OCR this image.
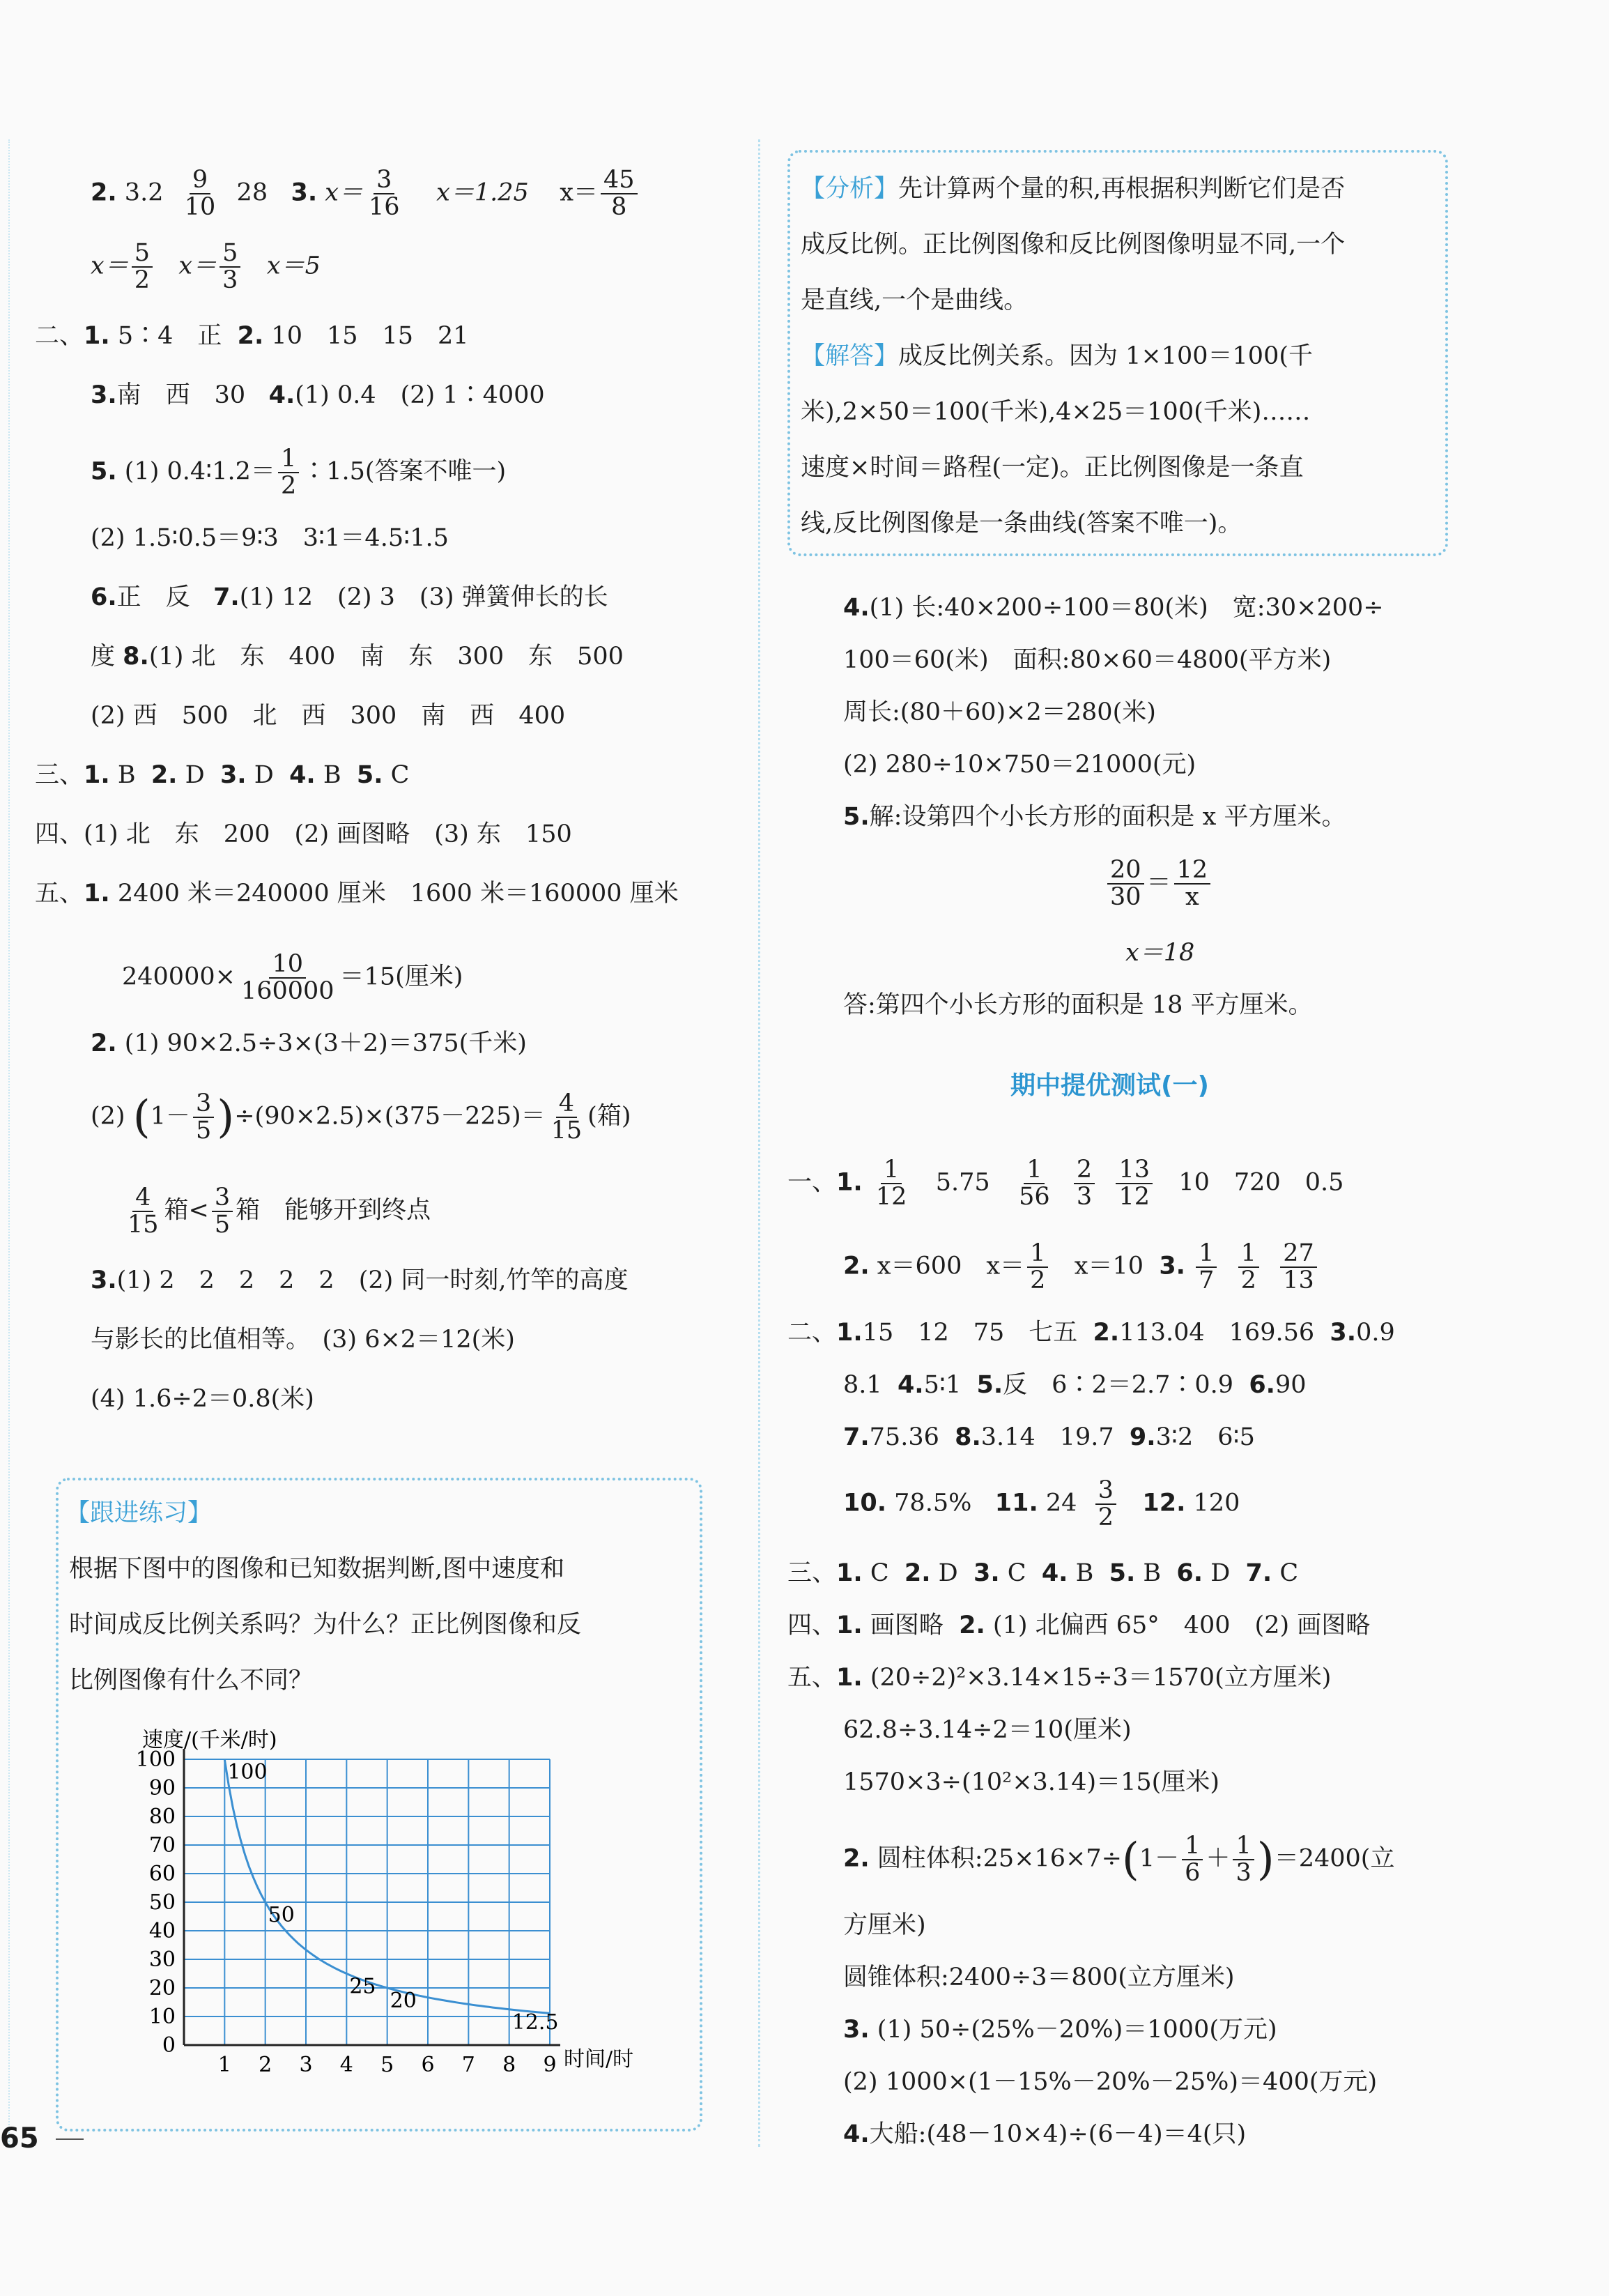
2. $3.2 \frac{9}{10} 28$ 3. $x= \frac{3}{16} x=1.25$ $x= \frac{45}{8}$
$x= \frac{5}{2} x= \frac{5}{3} x=5$
二、1. 5∶4　正 2. 10　15　15　21
3.南　西　30 4.(1) 0.4　(2) 1∶4000
5. (1) 0.4∶1.2＝ $\frac{1}{2}$ ∶1.5(答案不唯一)
(2) 1.5∶0.5＝9∶3　3∶1＝4.5∶1.5
6.正　反 7.(1) 12　(2) 3　(3) 弹簧伸长的长
度 8.(1) 北　东　400　南　东　300　东　500
(2) 西　500　北　西　300　南　西　400
三、1. B 2. D 3. D 4. B 5. C
四、(1) 北　东　200　(2) 画图略　(3) 东　150
五、1. 2400 米＝240000 厘米　1600 米＝160000 厘米
$240000\times \frac{10}{160000} =15$(厘米)
2. (1) 90×2.5÷3×(3＋2)＝375(千米)
(2) $(1- \frac{3}{5} )\div(90\times 2.5)\times(375-225)= \frac{4}{15}$ (箱)
$\frac{4}{15}$ 箱< $\frac{3}{5}$ 箱　能够开到终点
3.(1) 2　2　2　2　2　(2) 同一时刻,竹竿的高度
与影长的比值相等。　(3) 6×2＝12(米)
(4) 1.6÷2＝0.8(米)
【跟进练习】
根据下图中的图像和已知数据判断,图中速度和
时间成反比例关系吗？为什么？正比例图像和反
比例图像有什么不同？
1 2 3 4 5 6 7 8 9
0
10
20
30
40
50
60
70
80
90
100
速度/(千米/时)
时间/时
100
50
25
20
12.5
【分析】先计算两个量的积,再根据积判断它们是否
成反比例。正比例图像和反比例图像明显不同,一个
是直线,一个是曲线。
【解答】成反比例关系。因为 1×100＝100(千
米),2×50＝100(千米),4×25＝100(千米)……
速度×时间＝路程(一定)。正比例图像是一条直
线,反比例图像是一条曲线(答案不唯一)。
4.(1) 长:40×200÷100＝80(米)　宽:30×200÷
100＝60(米)　面积:80×60＝4800(平方米)
周长:(80＋60)×2＝280(米)
(2) 280÷10×750＝21000(元)
5.解:设第四个小长方形的面积是 x 平方厘米。
$\frac{20}{30} = \frac{12}{x}$
x＝18
答:第四个小长方形的面积是 18 平方厘米。
期中提优测试(一)
一、1. $\frac{1}{12} 5.75 \frac{1}{56}$
$\frac{2}{3}$
$\frac{13}{12} 10$　720　0.5
2. x＝600　$x= \frac{1}{2} x=10$ 3. $\frac{1}{7}$
$\frac{1}{2}$
$\frac{27}{13}$
二、1.15　12　75　七五 2.113.04　169.56 3.0.9
8.1 4.5∶1 5.反　6∶2＝2.7∶0.9 6.90
7.75.36 8.3.14　19.7 9.3∶2　6∶5
10. 78.5% 11. $24 \frac{3}{2} 12$. 120
三、1. C 2. D 3. C 4. B 5. B 6. D 7. C
四、1. 画图略 2. (1) 北偏西 65°　400　(2) 画图略
五、1. (20÷2)²×3.14×15÷3＝1570(立方厘米)
62.8÷3.14÷2＝10(厘米)
1570×3÷(10²×3.14)＝15(厘米)
2. 圆柱体积:25×16×7÷(1－ $\frac{1}{6} + \frac{1}{3} )=2400$(立
方厘米)
圆锥体积:2400÷3＝800(立方厘米)
3. (1) 50÷(25%－20%)＝1000(万元)
(2) 1000×(1－15%－20%－25%)＝400(万元)
4.大船:(48－10×4)÷(6－4)＝4(只)
65
